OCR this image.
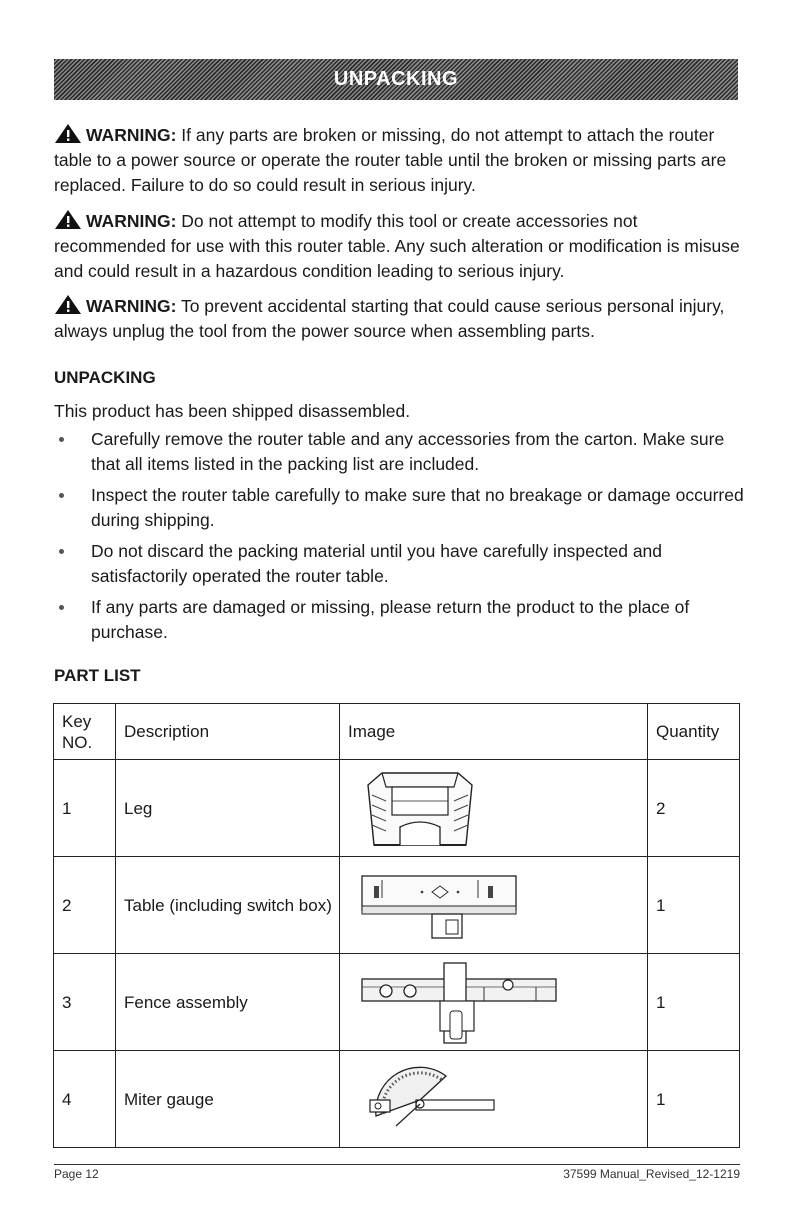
UNPACKING

WARNING: If any parts are broken or missing, do not attempt to attach the router table to a power source or operate the router table until the broken or missing parts are replaced. Failure to do so could result in serious injury.

WARNING: Do not attempt to modify this tool or create accessories not recommended for use with this router table. Any such alteration or modification is misuse and could result in a hazardous condition leading to serious injury.

WARNING: To prevent accidental starting that could cause serious personal injury, always unplug the tool from the power source when assembling parts.

UNPACKING

This product has been shipped disassembled.

Carefully remove the router table and any accessories from the carton. Make sure that all items listed in the packing list are included.
Inspect the router table carefully to make sure that no breakage or damage occurred during shipping.
Do not discard the packing material until you have carefully inspected and satisfactorily operated the router table.
If any parts are damaged or missing, please return the product to the place of purchase.
PART LIST
Key
NO.	Description	Image	Quantity
1	Leg		2
2	Table (including switch box)		1
3	Fence assembly		1
4	Miter gauge		1
Page 12	37599 Manual_Revised_12-1219
